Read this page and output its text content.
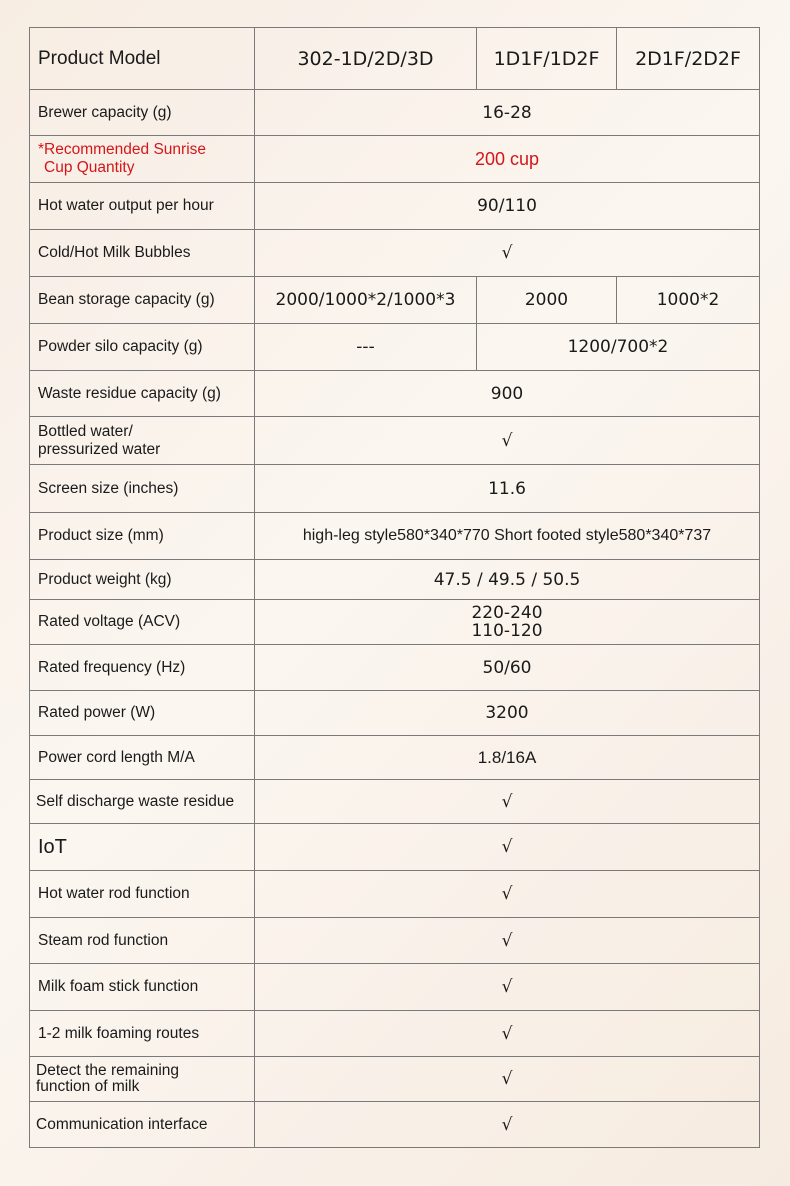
Product Model	302-1D/2D/3D	1D1F/1D2F	2D1F/2D2F
Brewer capacity (g)	16-28		

*Recommended Sunrise
Cup Quantity	200 cup		
Hot water output per hour	90/110		
Cold/Hot Milk Bubbles	√		
Bean storage capacity (g)	2000/1000*2/1000*3	2000	1000*2
Powder silo capacity (g)	---	1200/700*2	
Waste residue capacity (g)	900		

Bottled water/
pressurized water	√		
Screen size (inches)	11.6		
Product size (mm)	high-leg style580*340*770 Short footed style580*340*737		
Product weight (kg)	47.5 / 49.5 / 50.5		
Rated voltage (ACV)	220-240
110-120		

Rated frequency (Hz)	50/60		
Rated power (W)	3200		
Power cord length M/A	1.8/16A		
Self discharge waste residue	√		
IoT	√		
Hot water rod function	√		
Steam rod function	√		
Milk foam stick function	√		
1-2 milk foaming routes	√		

Detect the remaining
function of milk	√		
Communication interface	√		
